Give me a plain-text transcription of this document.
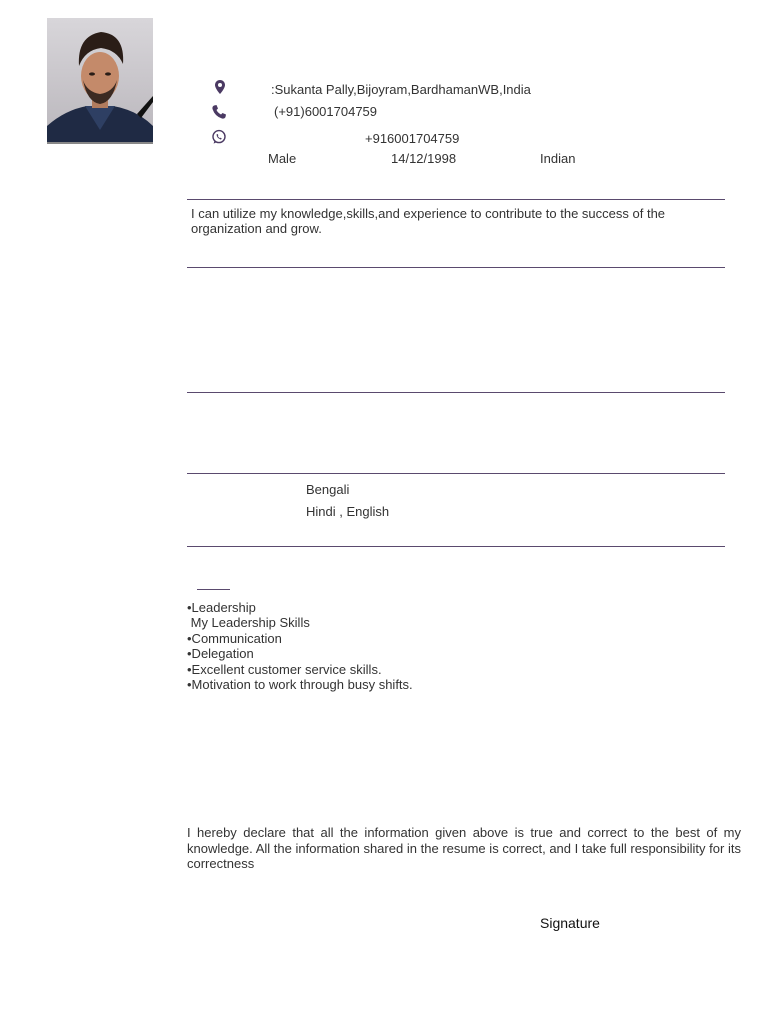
:Sukanta Pally,Bijoyram,BardhamanWB,India
(+91)6001704759
+916001704759
Male	14/12/1998	Indian
I can utilize my knowledge,skills,and experience to contribute to the success of the organization and grow.
Bengali
Hindi , English
•Leadership
My Leadership Skills
•Communication
•Delegation
•Excellent customer service skills.
•Motivation to work through busy shifts.
I hereby declare that all the information given above is true and correct to the best of my knowledge. All the information shared in the resume is correct, and I take full responsibility for its correctness
Signature
